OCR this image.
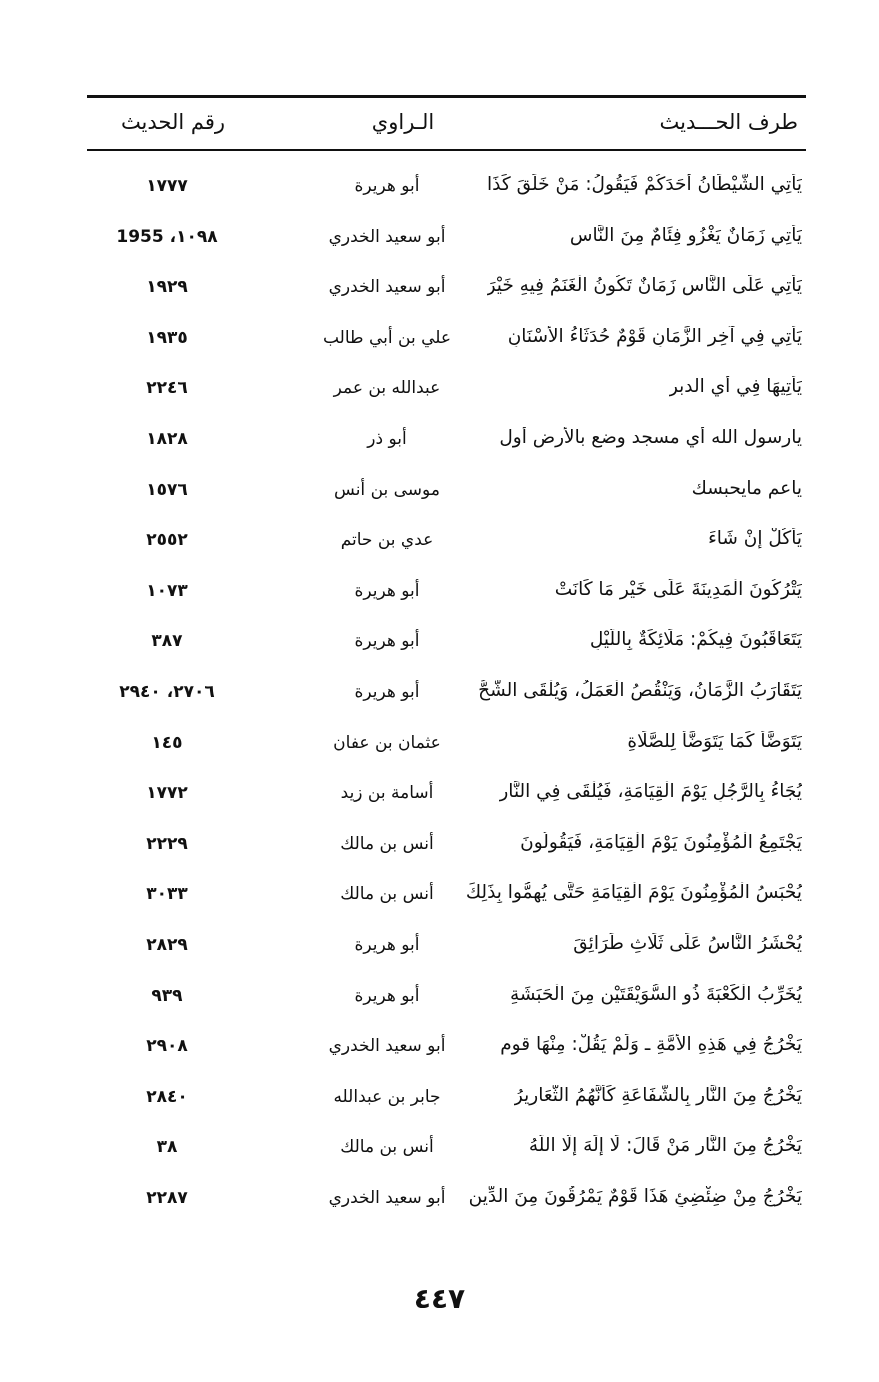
طرف الحـــديث
الـراوي
رقم الحديث
يَأْتِي الشَّيْطَانُ أَحَدَكُمْ فَيَقُولُ: مَنْ خَلَقَ كَذَا
أبو هريرة
١٧٧٧
يَأْتِي زَمَانٌ يَغْزُو فِئَامٌ مِنَ النَّاسِ
أبو سعيد الخدري
١٠٩٨، 1955
يَأْتِي عَلَى النَّاسِ زَمَانٌ تَكُونُ الْغَنَمُ فِيهِ خَيْرَ
أبو سعيد الخدري
١٩٢٩
يَأْتِي فِي آخِرِ الزَّمَانِ قَوْمٌ حُدَثَاءُ الأَسْنَانِ
علي بن أبي طالب
١٩٣٥
يَأْتِيهَا فِي أي الدبر
عبدالله بن عمر
٢٢٤٦
يارسول الله أي مسجد وضع بالأرض أول
أبو ذر
١٨٢٨
ياعم مايحبسك
موسى بن أنس
١٥٧٦
يَأْكُلْ إِنْ شَاءَ
عدي بن حاتم
٢٥٥٢
يَتْرُكُونَ الْمَدِينَةَ عَلَى خَيْرِ مَا كَانَتْ
أبو هريرة
١٠٧٣
يَتَعَاقَبُونَ فِيكُمْ: مَلَائِكَةٌ بِاللَّيْلِ
أبو هريرة
٣٨٧
يَتَقَارَبُ الزَّمَانُ، وَيَنْقُصُ الْعَمَلُ، وَيُلْقَى الشُّحُّ
أبو هريرة
٢٧٠٦، ٢٩٤٠
يَتَوَضَّأُ كَمَا يَتَوَضَّأُ لِلصَّلَاةِ
عثمان بن عفان
١٤٥
يُجَاءُ بِالرَّجُلِ يَوْمَ الْقِيَامَةِ، فَيُلْقَى فِي النَّارِ
أسامة بن زيد
١٧٧٢
يَجْتَمِعُ الْمُؤْمِنُونَ يَوْمَ الْقِيَامَةِ، فَيَقُولُونَ
أنس بن مالك
٢٢٢٩
يُحْبَسُ الْمُؤْمِنُونَ يَوْمَ الْقِيَامَةِ حَتَّى يُهِمُّوا بِذَلِكَ
أنس بن مالك
٣٠٣٣
يُحْشَرُ النَّاسُ عَلَى ثَلَاثِ طَرَائِقَ
أبو هريرة
٢٨٢٩
يُخَرِّبُ الْكَعْبَةَ ذُو السُّوَيْقَتَيْنِ مِنَ الْحَبَشَةِ
أبو هريرة
٩٣٩
يَخْرُجُ فِي هَذِهِ الأُمَّةِ ـ وَلَمْ يَقُلْ: مِنْهَا قوم
أبو سعيد الخدري
٢٩٠٨
يَخْرُجُ مِنَ النَّارِ بِالشَّفَاعَةِ كَأَنَّهُمُ الثَّعَارِيرُ
جابر بن عبدالله
٢٨٤٠
يَخْرُجُ مِنَ النَّارِ مَنْ قَالَ: لَا إِلَهَ إِلَّا اللَّهُ
أنس بن مالك
٣٨
يَخْرُجُ مِنْ ضِئْضِئِ هَذَا قَوْمٌ يَمْرُقُونَ مِنَ الدِّينِ
أبو سعيد الخدري
٢٢٨٧
٤٤٧
